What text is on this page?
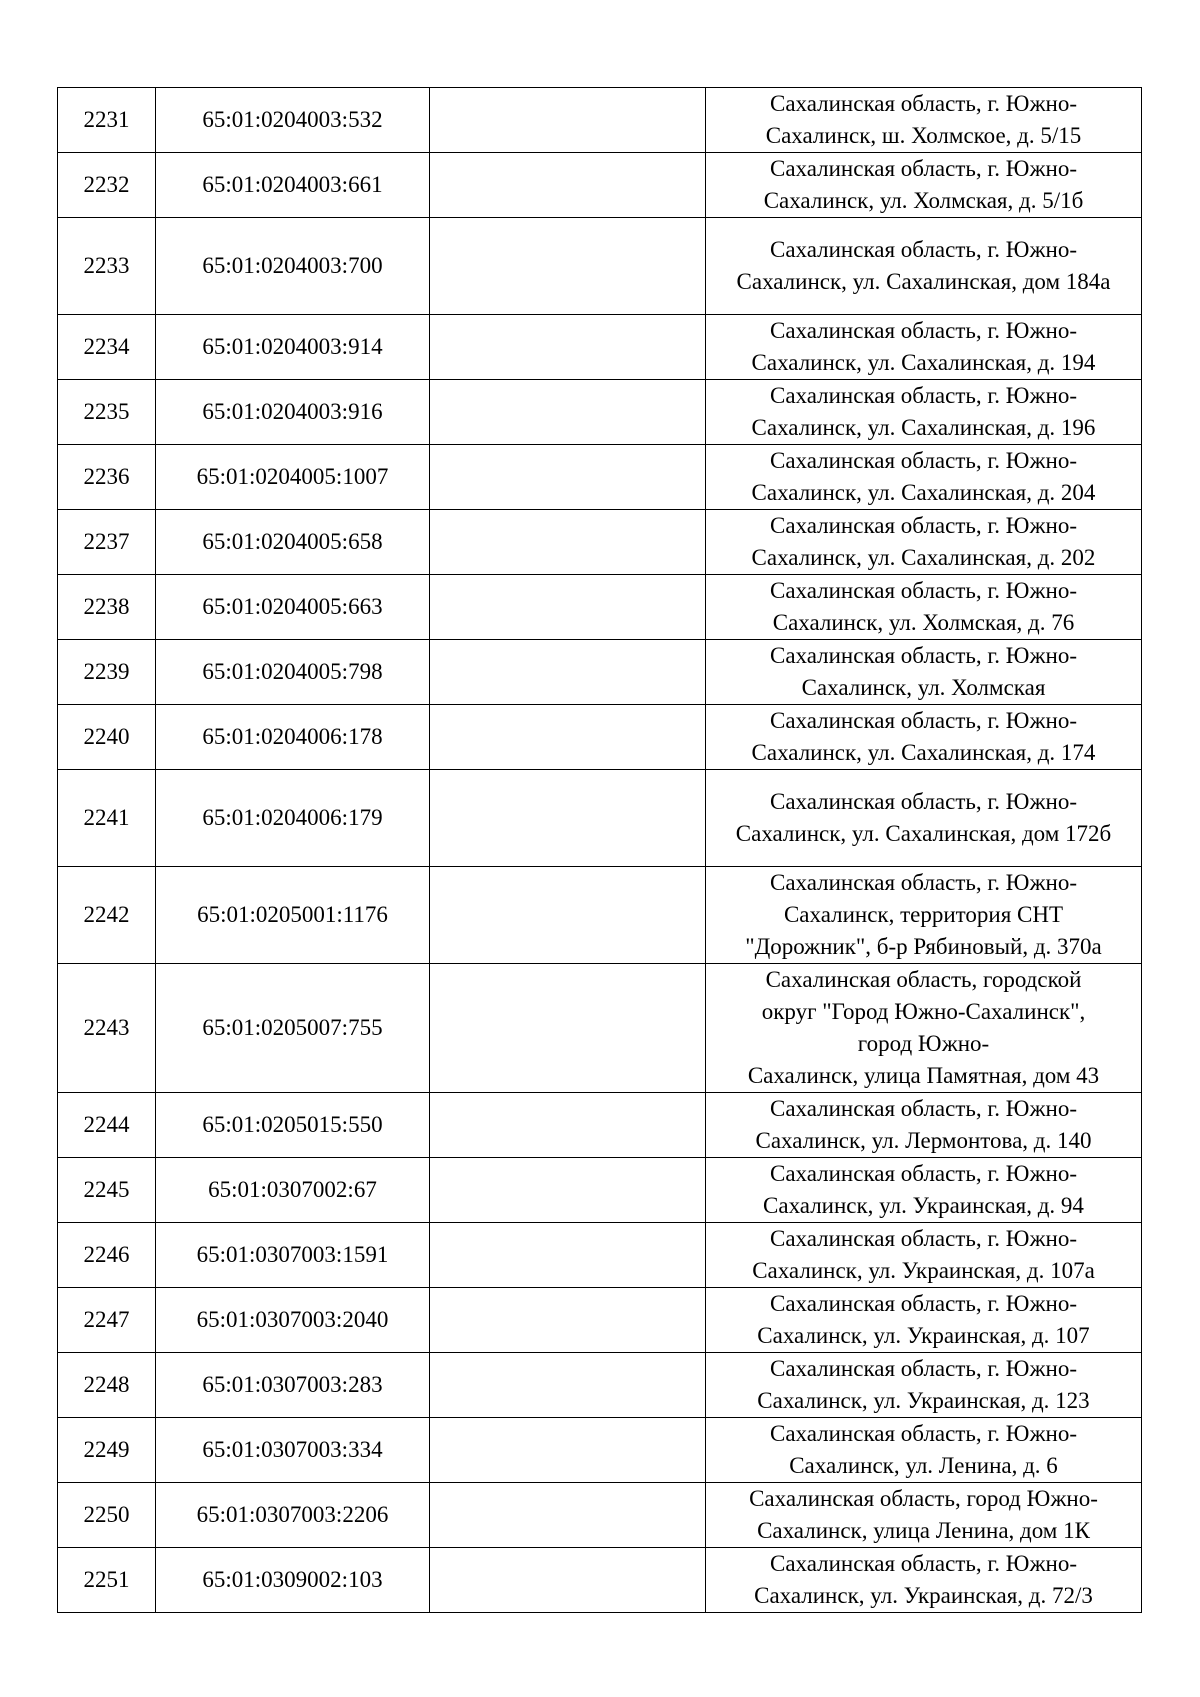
2231	65:01:0204003:532		Сахалинская область, г. Южно-
Сахалинск, ш. Холмское, д. 5/15

2232	65:01:0204003:661		Сахалинская область, г. Южно-
Сахалинск, ул. Холмская, д. 5/1б

2233	65:01:0204003:700		Сахалинская область, г. Южно-
Сахалинск, ул. Сахалинская, дом 184а

2234	65:01:0204003:914		Сахалинская область, г. Южно-
Сахалинск, ул. Сахалинская, д. 194

2235	65:01:0204003:916		Сахалинская область, г. Южно-
Сахалинск, ул. Сахалинская, д. 196

2236	65:01:0204005:1007		Сахалинская область, г. Южно-
Сахалинск, ул. Сахалинская, д. 204

2237	65:01:0204005:658		Сахалинская область, г. Южно-
Сахалинск, ул. Сахалинская, д. 202

2238	65:01:0204005:663		Сахалинская область, г. Южно-
Сахалинск, ул. Холмская, д. 76

2239	65:01:0204005:798		Сахалинская область, г. Южно-
Сахалинск, ул. Холмская

2240	65:01:0204006:178		Сахалинская область, г. Южно-
Сахалинск, ул. Сахалинская, д. 174

2241	65:01:0204006:179		Сахалинская область, г. Южно-
Сахалинск, ул. Сахалинская, дом 172б

2242	65:01:0205001:1176		Сахалинская область, г. Южно-
Сахалинск, территория СНТ
"Дорожник", б-р Рябиновый, д. 370а

2243	65:01:0205007:755		Сахалинская область, городской
округ "Город Южно-Сахалинск",
город Южно-
Сахалинск, улица Памятная, дом 43

2244	65:01:0205015:550		Сахалинская область, г. Южно-
Сахалинск, ул. Лермонтова, д. 140

2245	65:01:0307002:67		Сахалинская область, г. Южно-
Сахалинск, ул. Украинская, д. 94

2246	65:01:0307003:1591		Сахалинская область, г. Южно-
Сахалинск, ул. Украинская, д. 107а

2247	65:01:0307003:2040		Сахалинская область, г. Южно-
Сахалинск, ул. Украинская, д. 107

2248	65:01:0307003:283		Сахалинская область, г. Южно-
Сахалинск, ул. Украинская, д. 123

2249	65:01:0307003:334		Сахалинская область, г. Южно-
Сахалинск, ул. Ленина, д. 6

2250	65:01:0307003:2206		Сахалинская область, город Южно-
Сахалинск, улица Ленина, дом 1К

2251	65:01:0309002:103		Сахалинская область, г. Южно-
Сахалинск, ул. Украинская, д. 72/3
